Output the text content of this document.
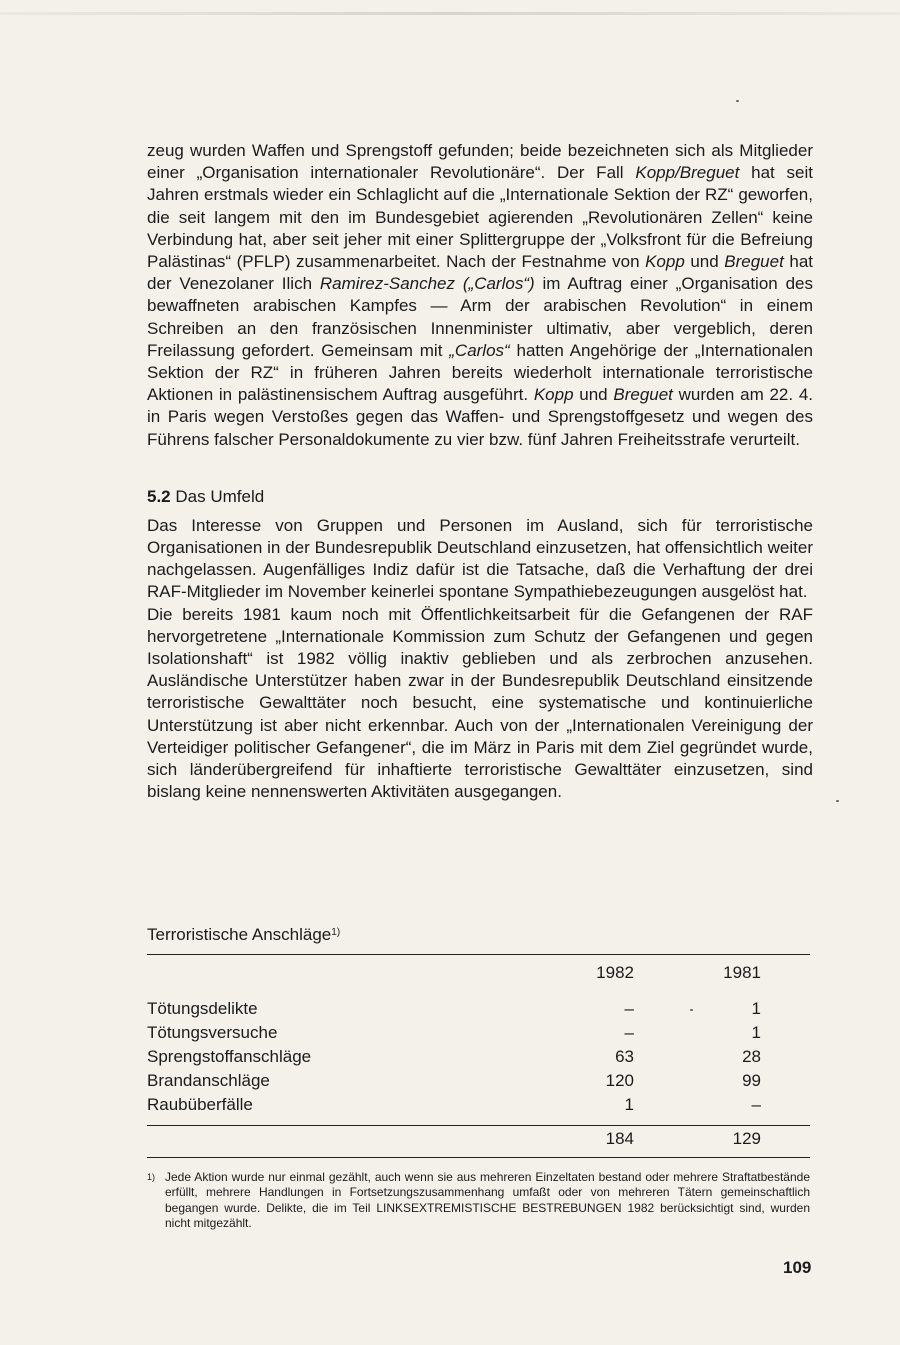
zeug wurden Waffen und Sprengstoff gefunden; beide bezeichneten sich als Mitglieder einer „Organisation internationaler Revolutionäre“. Der Fall Kopp/Breguet hat seit Jahren erstmals wieder ein Schlaglicht auf die „Internationale Sektion der RZ“ geworfen, die seit langem mit den im Bundesgebiet agierenden „Revolutionären Zellen“ keine Verbindung hat, aber seit jeher mit einer Splittergruppe der „Volksfront für die Befreiung Palästinas“ (PFLP) zusammenarbeitet. Nach der Festnahme von Kopp und Breguet hat der Venezolaner Ilich Ramirez-Sanchez („Carlos“) im Auftrag einer „Organisation des bewaffneten arabischen Kampfes — Arm der arabischen Revolution“ in einem Schreiben an den französischen Innenminister ultimativ, aber vergeblich, deren Freilassung gefordert. Gemeinsam mit „Carlos“ hatten Angehörige der „Internationalen Sektion der RZ“ in früheren Jahren bereits wiederholt internationale terroristische Aktionen in palästinensischem Auftrag ausgeführt. Kopp und Breguet wurden am 22. 4. in Paris wegen Verstoßes gegen das Waffen- und Sprengstoffgesetz und wegen des Führens falscher Personaldokumente zu vier bzw. fünf Jahren Freiheitsstrafe verurteilt.

5.2 Das Umfeld

Das Interesse von Gruppen und Personen im Ausland, sich für terroristische Organisationen in der Bundesrepublik Deutschland einzusetzen, hat offensichtlich weiter nachgelassen. Augenfälliges Indiz dafür ist die Tatsache, daß die Verhaftung der drei RAF-Mitglieder im November keinerlei spontane Sympathiebezeugungen ausgelöst hat.

Die bereits 1981 kaum noch mit Öffentlichkeitsarbeit für die Gefangenen der RAF hervorgetretene „Internationale Kommission zum Schutz der Gefangenen und gegen Isolationshaft“ ist 1982 völlig inaktiv geblieben und als zerbrochen anzusehen. Ausländische Unterstützer haben zwar in der Bundesrepublik Deutschland einsitzende terroristische Gewalttäter noch besucht, eine systematische und kontinuierliche Unterstützung ist aber nicht erkennbar. Auch von der „Internationalen Vereinigung der Verteidiger politischer Gefangener“, die im März in Paris mit dem Ziel gegründet wurde, sich länderübergreifend für inhaftierte terroristische Gewalttäter einzusetzen, sind bislang keine nennenswerten Aktivitäten ausgegangen.

Terroristische Anschläge$^{1)}$
1982	1981
Tötungsdelikte	–	1
Tötungsversuche	–	1
Sprengstoffanschläge	63	28
Brandanschläge	120	99
Raubüberfälle	1	–
184	129
1) Jede Aktion wurde nur einmal gezählt, auch wenn sie aus mehreren Einzeltaten bestand oder mehrere Straftatbestände erfüllt, mehrere Handlungen in Fortsetzungszusammenhang umfaßt oder von mehreren Tätern gemeinschaftlich begangen wurde. Delikte, die im Teil LINKSEXTREMISTISCHE BESTREBUNGEN 1982 berücksichtigt sind, wurden nicht mitgezählt.
109
